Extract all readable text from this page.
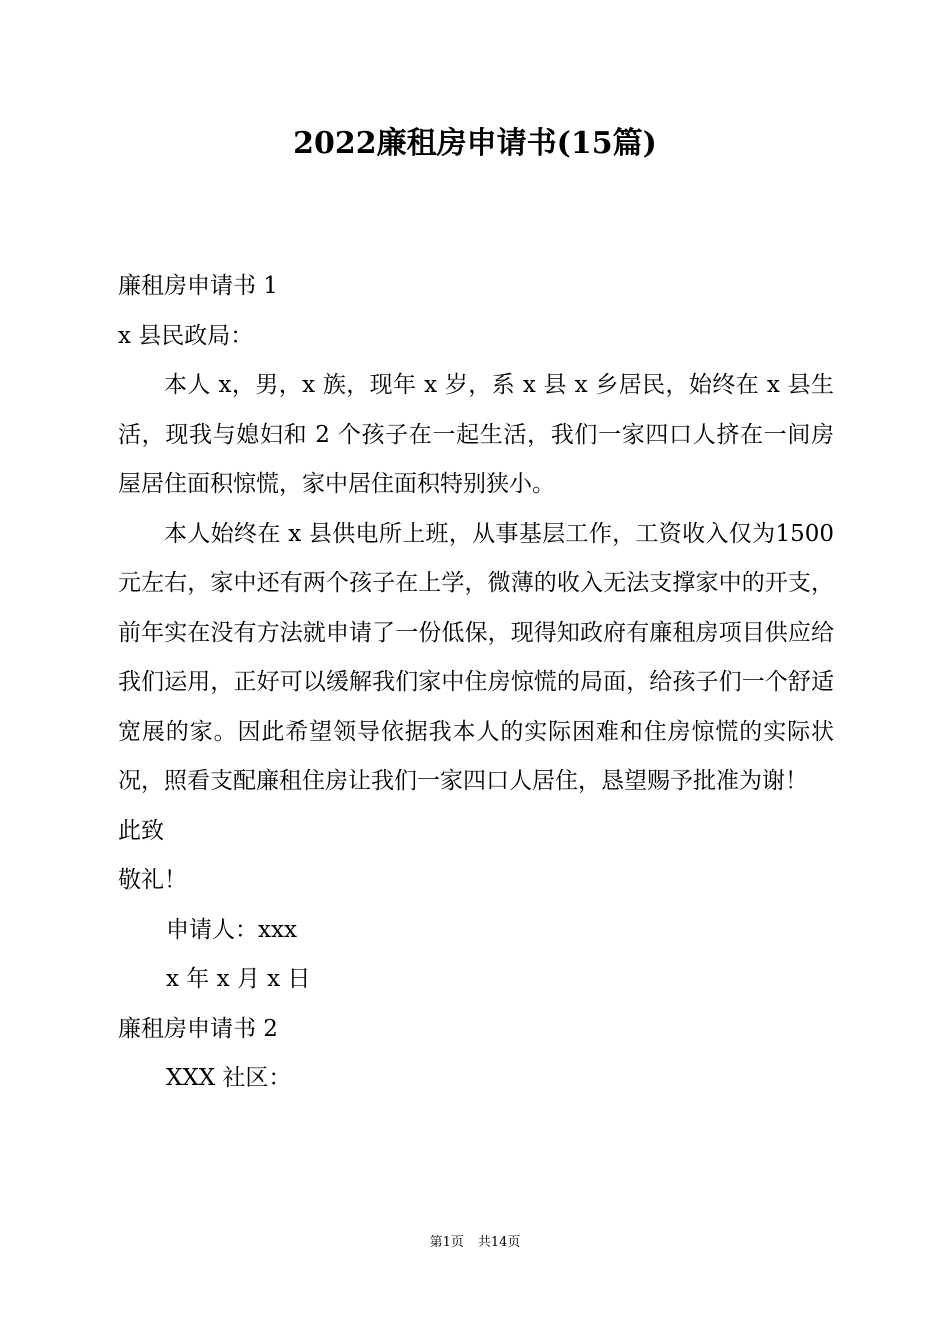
2022廉租房申请书(15篇)

廉租房申请书 1

x 县民政局：

本人 x，男，x 族，现年 x 岁，系 x 县 x 乡居民，始终在 x 县生活，现我与媳妇和 2 个孩子在一起生活，我们一家四口人挤在一间房屋居住面积惊慌，家中居住面积特别狭小。

本人始终在 x 县供电所上班，从事基层工作，工资收入仅为1500 元左右，家中还有两个孩子在上学，微薄的收入无法支撑家中的开支，前年实在没有方法就申请了一份低保，现得知政府有廉租房项目供应给我们运用，正好可以缓解我们家中住房惊慌的局面，给孩子们一个舒适宽展的家。因此希望领导依据我本人的实际困难和住房惊慌的实际状况，照看支配廉租住房让我们一家四口人居住，恳望赐予批准为谢！

此致

敬礼！

申请人：xxx

x 年 x 月 x 日

廉租房申请书 2

XXX 社区：

第1页 共14页
